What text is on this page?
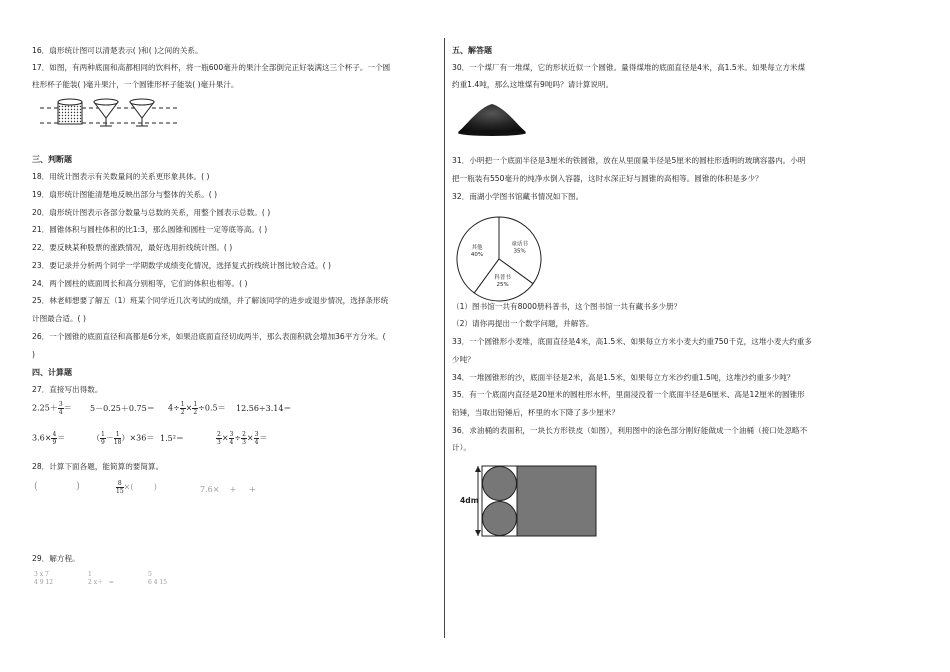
16．扇形统计图可以清楚表示( )和( )之间的关系。
17．如图，有两种底面和高都相同的饮料杯，将一瓶600毫升的果汁全部倒完正好装满这三个杯子。一个圆
柱形杯子能装( )毫升果汁，一个圆锥形杯子能装( )毫升果汁。
三、判断题
18．用统计图表示有关数量间的关系更形象具体。( )
19．扇形统计图能清楚地反映出部分与整体的关系。( )
20．扇形统计图表示各部分数量与总数的关系，用整个圆表示总数。( )
21．圆锥体积与圆柱体积的比1:3，那么圆锥和圆柱一定等底等高。( )
22．要反映某种股票的涨跌情况，最好选用折线统计图。( )
23．要记录并分析两个同学一学期数学成绩变化情况，选择复式折线统计图比较合适。( )
24．两个圆柱的底面周长和高分别相等，它们的体积也相等。( )
25．林老师想要了解五（1）班某个同学近几次考试的成绩，并了解该同学的进步或退步情况，选择条形统
计图最合适。( )
26．一个圆锥的底面直径和高都是6分米，如果沿底面直径切成两半，那么表面积就会增加36平方分米。(
)
四、计算题
27．直接写出得数。
$2.25+ \frac{3}{4} = 5-0.25+0.75= 4\div \frac{1}{2} \times \frac{1}{2} \div 0.5= 12.56\div 3.14=$
$3.6\times \frac{4}{9}$ ＝	（ $\frac{1}{9} - \frac{1}{18} )\times 36= 1.5^2=$	$\frac{2}{3} \times \frac{3}{4} \div \frac{2}{3} \times \frac{3}{4}$ ＝
28．计算下面各题，能简算的要简算。
(            )	$\frac{8}{15}$ ×(        )	7.6×    +     +
29．解方程。
3 x 7
4 9 12
1
2 x＋   =
5
6 4 15
五、解答题
30．一个煤厂有一堆煤，它的形状近似一个圆锥。量得煤堆的底面直径是4米，高1.5米。如果每立方米煤
约重1.4吨，那么这堆煤有9吨吗？请计算说明。
31．小明把一个底面半径是3厘米的铁圆锥，放在从里面量半径是5厘米的圆柱形透明的玻璃容器内。小明
把一瓶装有550毫升的纯净水倒入容器，这时水深正好与圆锥的高相等。圆锥的体积是多少？
32．南湖小学图书馆藏书情况如下图。
其他
40%
童话书
35%
科普书
25%
（1）图书馆一共有8000册科普书，这个图书馆一共有藏书多少册？
（2）请你再提出一个数学问题，并解答。
33．一个圆锥形小麦堆，底面直径是4米，高1.5米、如果每立方米小麦大约重750千克，这堆小麦大约重多
少吨？
34．一堆圆锥形的沙，底面半径是2米，高是1.5米，如果每立方米沙约重1.5吨，这堆沙约重多少吨？
35．有一个底面内直径是20厘米的圆柱形水杯，里面浸没着一个底面半径是6厘米、高是12厘米的圆锥形
铅锤，当取出铅锤后，杯里的水下降了多少厘米？
36．求油桶的表面积，一块长方形铁皮（如图），利用图中的涂色部分刚好能做成一个油桶（接口处忽略不
计）。
4dm
